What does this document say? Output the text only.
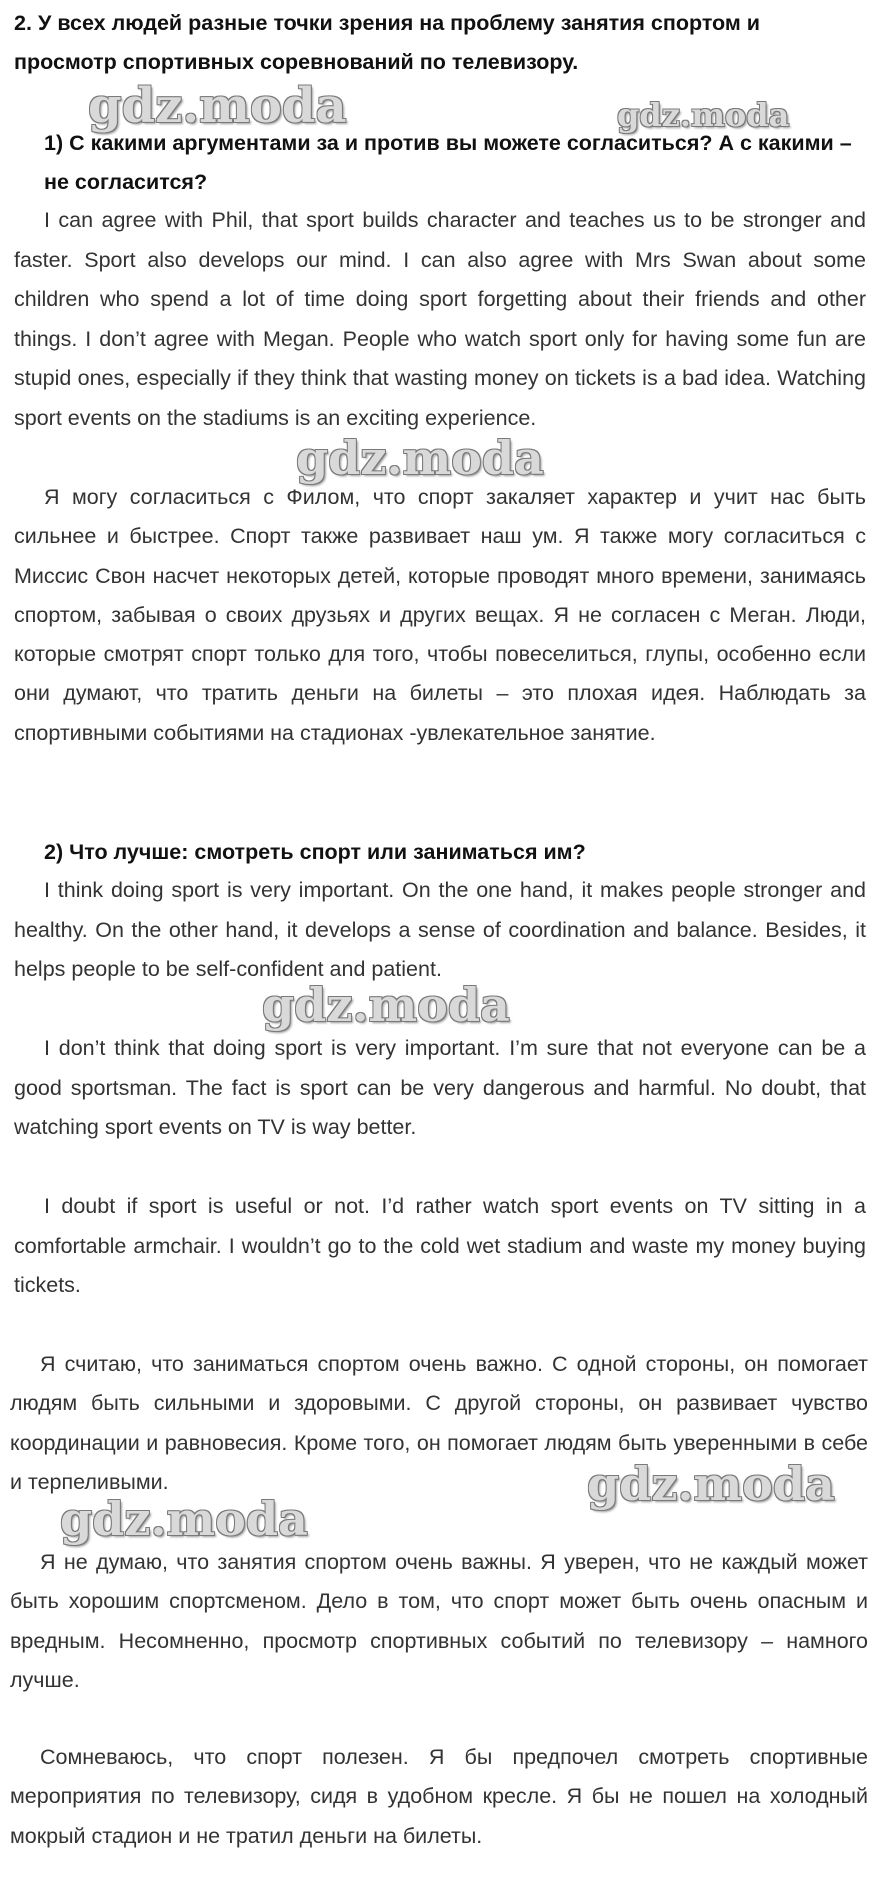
2. У всех людей разные точки зрения на проблему занятия спортом и просмотр спортивных соревнований по телевизору.
1) С какими аргументами за и против вы можете согласиться? А с какими – не согласится?

I can agree with Phil, that sport builds character and teaches us to be stronger and faster. Sport also develops our mind. I can also agree with Mrs Swan about some children who spend a lot of time doing sport forgetting about their friends and other things. I don’t agree with Megan. People who watch sport only for having some fun are stupid ones, especially if they think that wasting money on tickets is a bad idea. Watching sport events on the stadiums is an exciting experience.

Я могу согласиться с Филом, что спорт закаляет характер и учит нас быть сильнее и быстрее. Спорт также развивает наш ум. Я также могу согласиться с Миссис Свон насчет некоторых детей, которые проводят много времени, занимаясь спортом, забывая о своих друзьях и других вещах. Я не согласен с Меган. Люди, которые смотрят спорт только для того, чтобы повеселиться, глупы, особенно если они думают, что тратить деньги на билеты – это плохая идея. Наблюдать за спортивными событиями на стадионах -увлекательное занятие.

2) Что лучше: смотреть спорт или заниматься им?

I think doing sport is very important. On the one hand, it makes people stronger and healthy. On the other hand, it develops a sense of coordination and balance. Besides, it helps people to be self-confident and patient.

I don’t think that doing sport is very important. I’m sure that not everyone can be a good sportsman. The fact is sport can be very dangerous and harmful. No doubt, that watching sport events on TV is way better.

I doubt if sport is useful or not. I’d rather watch sport events on TV sitting in a comfortable armchair. I wouldn’t go to the cold wet stadium and waste my money buying tickets.

Я считаю, что заниматься спортом очень важно. С одной стороны, он помогает людям быть сильными и здоровыми. С другой стороны, он развивает чувство координации и равновесия. Кроме того, он помогает людям быть уверенными в себе и терпеливыми.

Я не думаю, что занятия спортом очень важны. Я уверен, что не каждый может быть хорошим спортсменом. Дело в том, что спорт может быть очень опасным и вредным. Несомненно, просмотр спортивных событий по телевизору – намного лучше.

Сомневаюсь, что спорт полезен. Я бы предпочел смотреть спортивные мероприятия по телевизору, сидя в удобном кресле. Я бы не пошел на холодный мокрый стадион и не тратил деньги на билеты.

gdz.moda	gdz.moda
gdz.moda
gdz.moda
gdz.moda
gdz.moda
